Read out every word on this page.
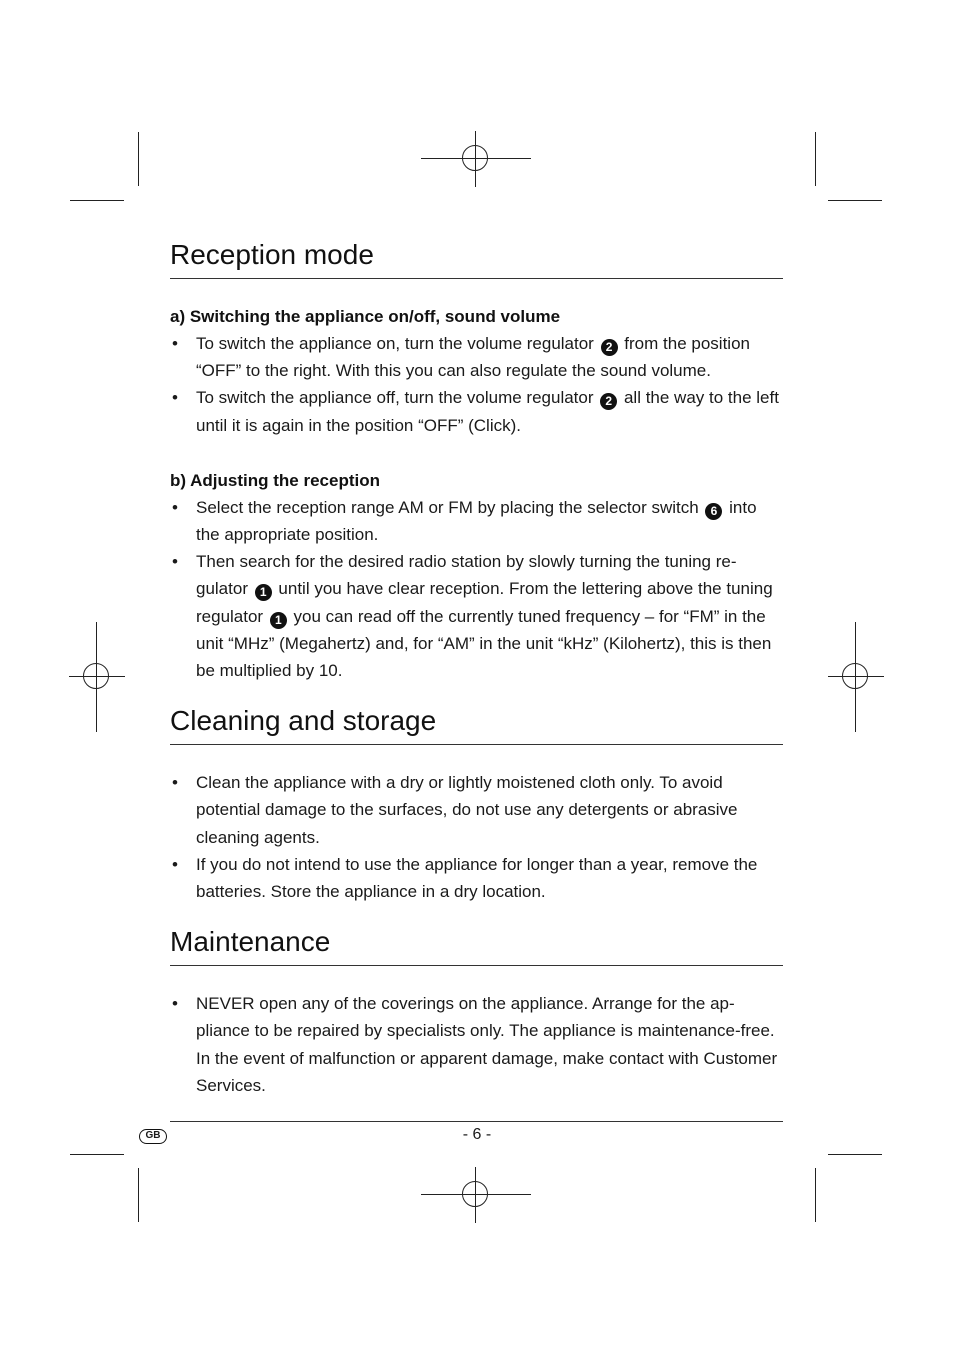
Reception mode
a) Switching the appliance on/off, sound volume
• To switch the appliance on, turn the volume regulator 2 from the position “OFF” to the right. With this you can also regulate the sound volume.
• To switch the appliance off, turn the volume regulator 2 all the way to the left until it is again in the position “OFF” (Click).
b) Adjusting the reception
• Select the reception range AM or FM by placing the selector switch 6 into the appropriate position.
• Then search for the desired radio station by slowly turning the tuning re-gulator 1 until you have clear reception. From the lettering above the tuning regulator 1 you can read off the currently tuned frequency – for “FM” in the unit “MHz” (Megahertz) and, for “AM” in the unit “kHz” (Kilohertz), this is then be multiplied by 10.
Cleaning and storage
• Clean the appliance with a dry or lightly moistened cloth only. To avoid potential damage to the surfaces, do not use any detergents or abrasive cleaning agents.
• If you do not intend to use the appliance for longer than a year, remove the batteries. Store the appliance in a dry location.
Maintenance
• NEVER open any of the coverings on the appliance. Arrange for the ap-pliance to be repaired by specialists only. The appliance is maintenance-free. In the event of malfunction or apparent damage, make contact with Customer Services.
GB	- 6 -
